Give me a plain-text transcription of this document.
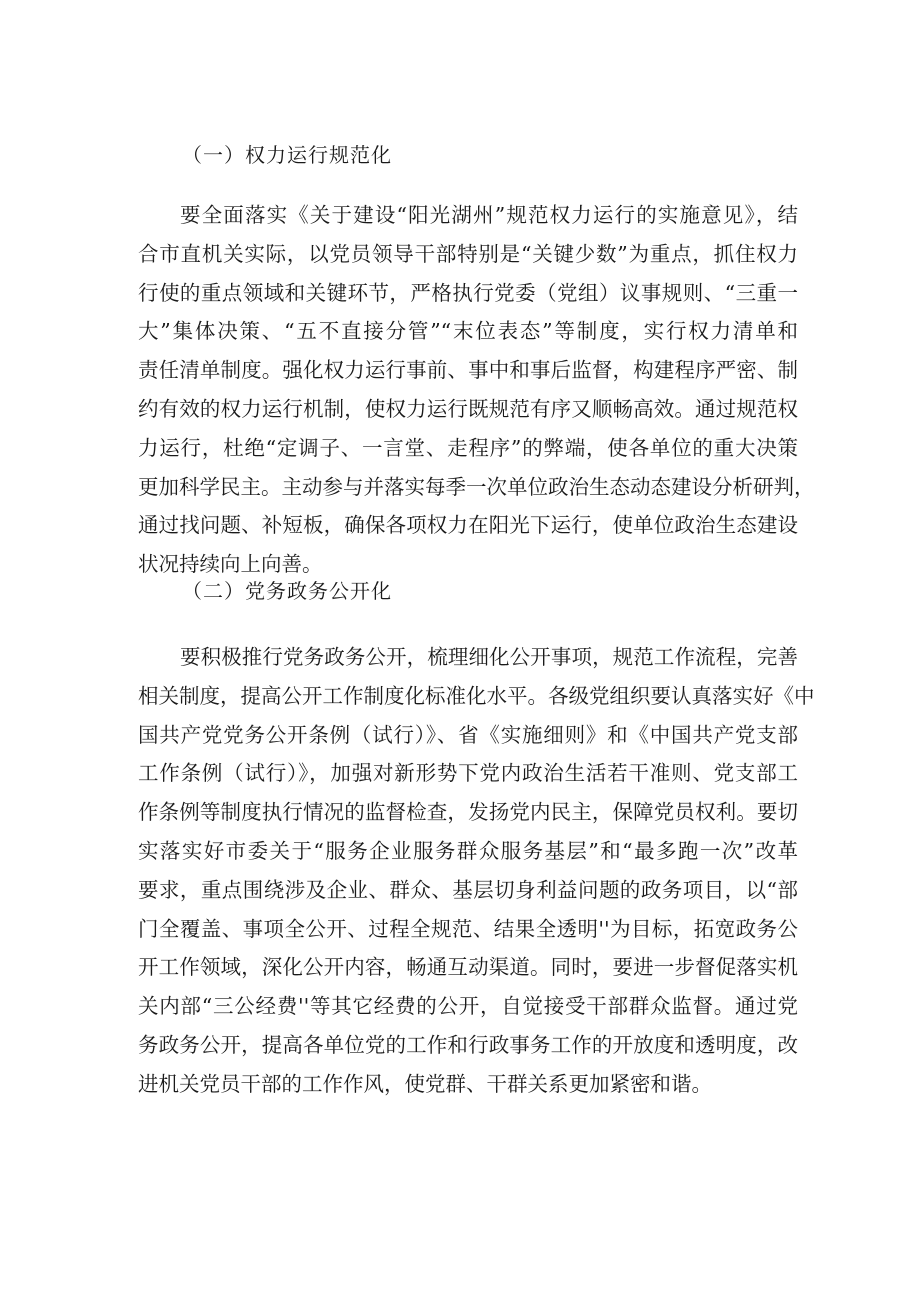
（一）权力运行规范化
要全面落实《关于建设“阳光湖州”规范权力运行的实施意见》，结
合市直机关实际，以党员领导干部特别是“关键少数”为重点，抓住权力
行使的重点领域和关键环节，严格执行党委（党组）议事规则、“三重一
大”集体决策、“五不直接分管”“末位表态”等制度，实行权力清单和
责任清单制度。强化权力运行事前、事中和事后监督，构建程序严密、制
约有效的权力运行机制，使权力运行既规范有序又顺畅高效。通过规范权
力运行，杜绝“定调子、一言堂、走程序”的弊端，使各单位的重大决策
更加科学民主。主动参与并落实每季一次单位政治生态动态建设分析研判，
通过找问题、补短板，确保各项权力在阳光下运行，使单位政治生态建设
状况持续向上向善。
（二）党务政务公开化
要积极推行党务政务公开，梳理细化公开事项，规范工作流程，完善
相关制度，提高公开工作制度化标准化水平。各级党组织要认真落实好《中
国共产党党务公开条例（试行）》、省《实施细则》和《中国共产党支部
工作条例（试行）》，加强对新形势下党内政治生活若干准则、党支部工
作条例等制度执行情况的监督检查，发扬党内民主，保障党员权利。要切
实落实好市委关于“服务企业服务群众服务基层”和“最多跑一次”改革
要求，重点围绕涉及企业、群众、基层切身利益问题的政务项目，以“部
门全覆盖、事项全公开、过程全规范、结果全透明''为目标，拓宽政务公
开工作领域，深化公开内容，畅通互动渠道。同时，要进一步督促落实机
关内部“三公经费''等其它经费的公开，自觉接受干部群众监督。通过党
务政务公开，提高各单位党的工作和行政事务工作的开放度和透明度，改
进机关党员干部的工作作风，使党群、干群关系更加紧密和谐。
